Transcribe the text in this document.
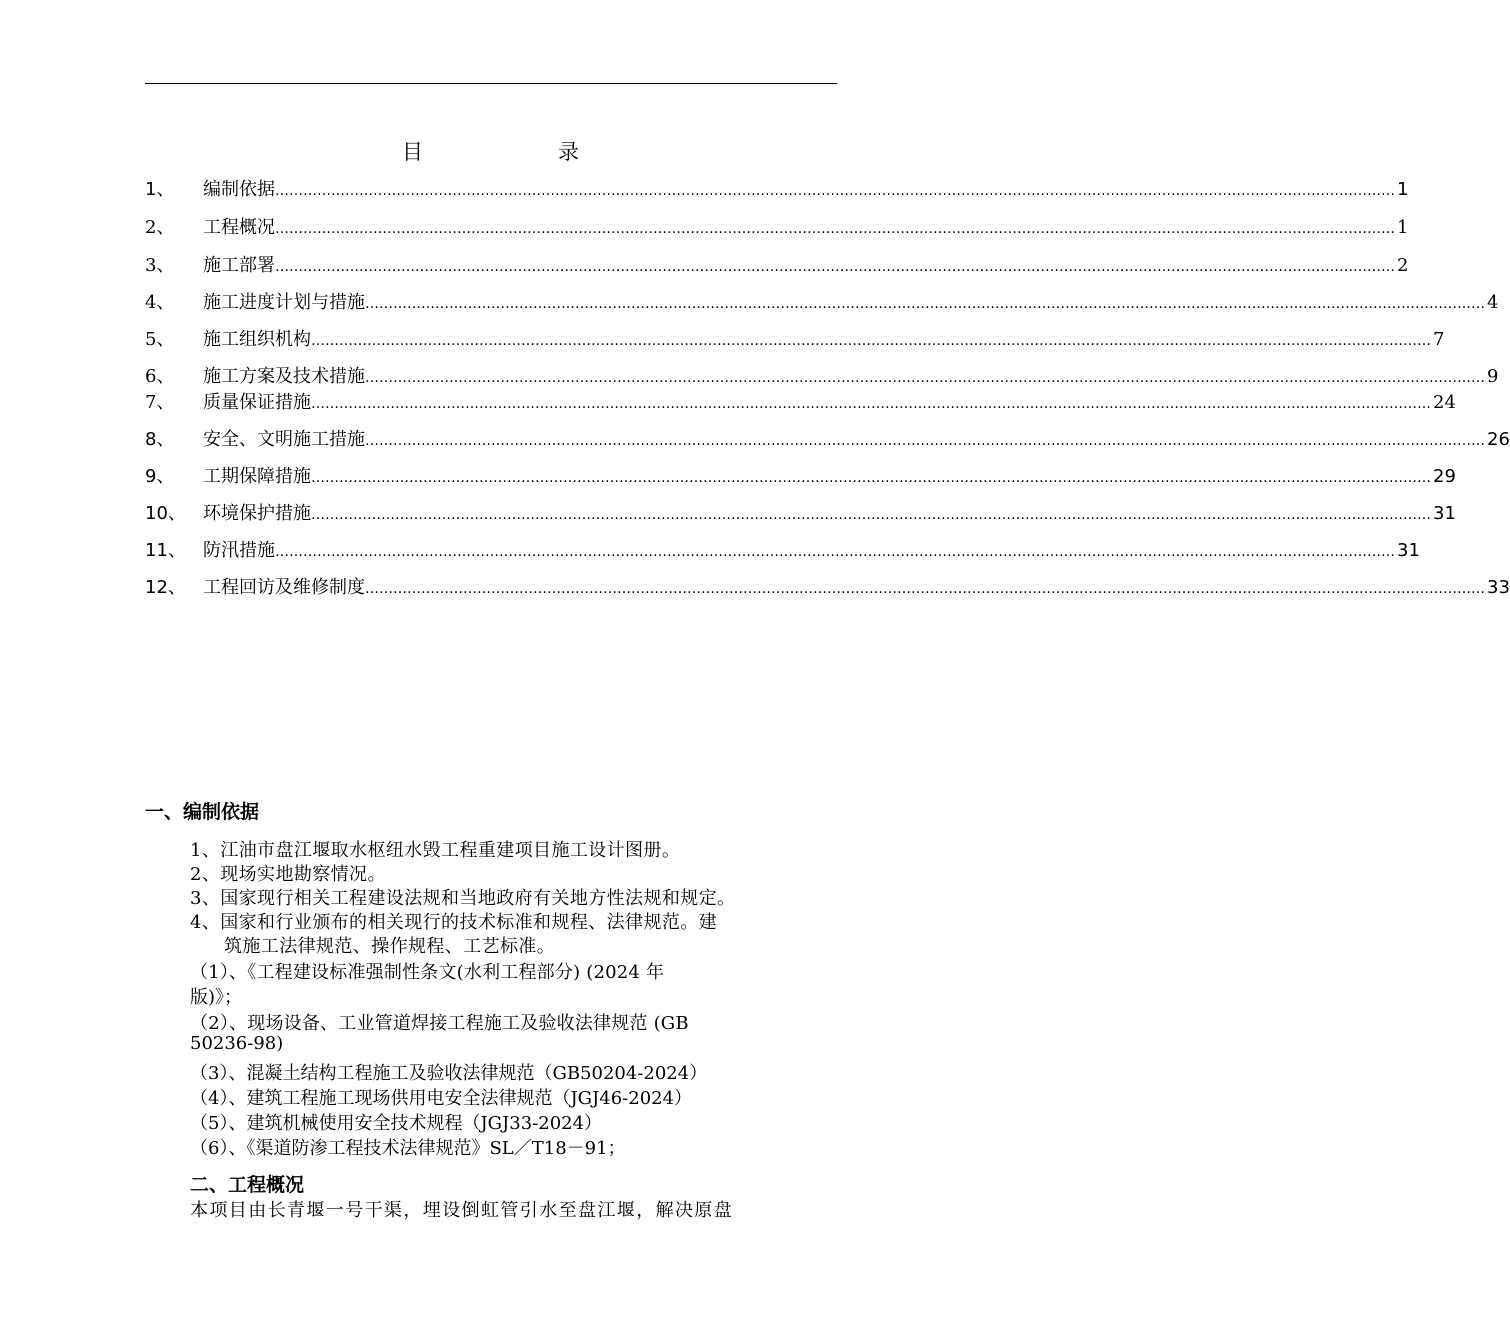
目	录
1、	编制依据 …………………………………………………………………………………………………………………………………………………………………………………………………………………… 1
2、	工程概况 …………………………………………………………………………………………………………………………………………………………………………………………………………………… 1
3、	施工部署 …………………………………………………………………………………………………………………………………………………………………………………………………………………… 2
4、	施工进度计划与措施 …………………………………………………………………………………………………………………………………………………………………………………………………………………… 4
5、	施工组织机构 …………………………………………………………………………………………………………………………………………………………………………………………………………………… 7
6、	施工方案及技术措施 …………………………………………………………………………………………………………………………………………………………………………………………………………………… 9
7、	质量保证措施 …………………………………………………………………………………………………………………………………………………………………………………………………………………… 24
8、	安全、文明施工措施 …………………………………………………………………………………………………………………………………………………………………………………………………………………… 26
9、	工期保障措施 …………………………………………………………………………………………………………………………………………………………………………………………………………………… 29
10、 环境保护措施 …………………………………………………………………………………………………………………………………………………………………………………………………………………… 31
11、 防汛措施 …………………………………………………………………………………………………………………………………………………………………………………………………………………… 31
12、 工程回访及维修制度 …………………………………………………………………………………………………………………………………………………………………………………………………………………… 33
一、编制依据
1、江油市盘江堰取水枢纽水毁工程重建项目施工设计图册。
2、现场实地勘察情况。
3、国家现行相关工程建设法规和当地政府有关地方性法规和规定。
4、国家和行业颁布的相关现行的技术标准和规程、法律规范。建
筑施工法律规范、操作规程、工艺标准。
（1）、《工程建设标准强制性条文(水利工程部分) (2024 年
版)》；
（2）、现场设备、工业管道焊接工程施工及验收法律规范 (GB
50236-98)
（3）、混凝土结构工程施工及验收法律规范（GB50204-2024）
（4）、建筑工程施工现场供用电安全法律规范（JGJ46-2024）
（5）、建筑机械使用安全技术规程（JGJ33-2024）
（6）、《渠道防渗工程技术法律规范》SL／T18－91；
二、工程概况
本项目由长青堰一号干渠，埋设倒虹管引水至盘江堰，解决原盘
